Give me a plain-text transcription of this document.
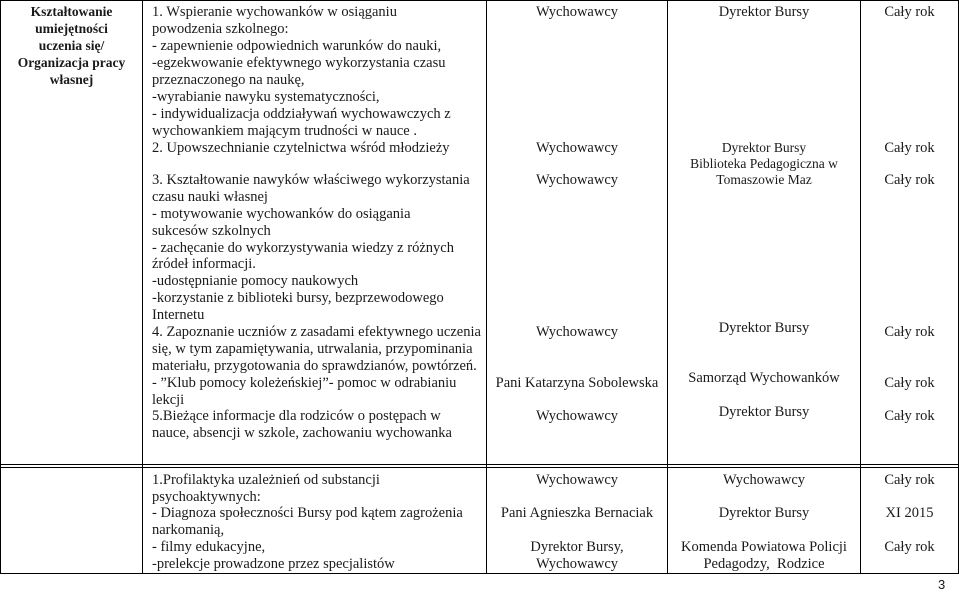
Kształtowanie
umiejętności
uczenia się/
Organizacja pracy
własnej
1. Wspieranie wychowanków w osiąganiu
powodzenia szkolnego:
- zapewnienie odpowiednich warunków do nauki,
-egzekwowanie efektywnego wykorzystania czasu
przeznaczonego na naukę,
-wyrabianie nawyku systematyczności,
- indywidualizacja oddziaływań wychowawczych z
wychowankiem mającym trudności w nauce .
2. Upowszechnianie czytelnictwa wśród młodzieży
3. Kształtowanie nawyków właściwego wykorzystania
czasu nauki własnej
- motywowanie wychowanków do osiągania
sukcesów szkolnych
- zachęcanie do wykorzystywania wiedzy z różnych
źródeł informacji.
-udostępnianie pomocy naukowych
-korzystanie z biblioteki bursy, bezprzewodowego
Internetu
4. Zapoznanie uczniów z zasadami efektywnego uczenia
się, w tym zapamiętywania, utrwalania, przypominania
materiału, przygotowania do sprawdzianów, powtórzeń.
- ”Klub pomocy koleżeńskiej”- pomoc w odrabianiu
lekcji
5.Bieżące informacje dla rodziców o postępach w
nauce, absencji w szkole, zachowaniu wychowanka
Wychowawcy
Wychowawcy
Wychowawcy
Wychowawcy
Pani Katarzyna Sobolewska
Wychowawcy
Dyrektor Bursy
Dyrektor Bursy
Biblioteka Pedagogiczna w
Tomaszowie Maz
Dyrektor Bursy
Samorząd Wychowanków
Dyrektor Bursy
Cały rok
Cały rok
Cały rok
Cały rok
Cały rok
Cały rok
1.Profilaktyka uzależnień od substancji
psychoaktywnych:
- Diagnoza społeczności Bursy pod kątem zagrożenia
narkomanią,
- filmy edukacyjne,
-prelekcje prowadzone przez specjalistów
Wychowawcy
Pani Agnieszka Bernaciak
Dyrektor Bursy,
Wychowawcy
Wychowawcy
Dyrektor Bursy
Komenda Powiatowa Policji
Pedagodzy,  Rodzice
Cały rok
XI 2015
Cały rok
3
